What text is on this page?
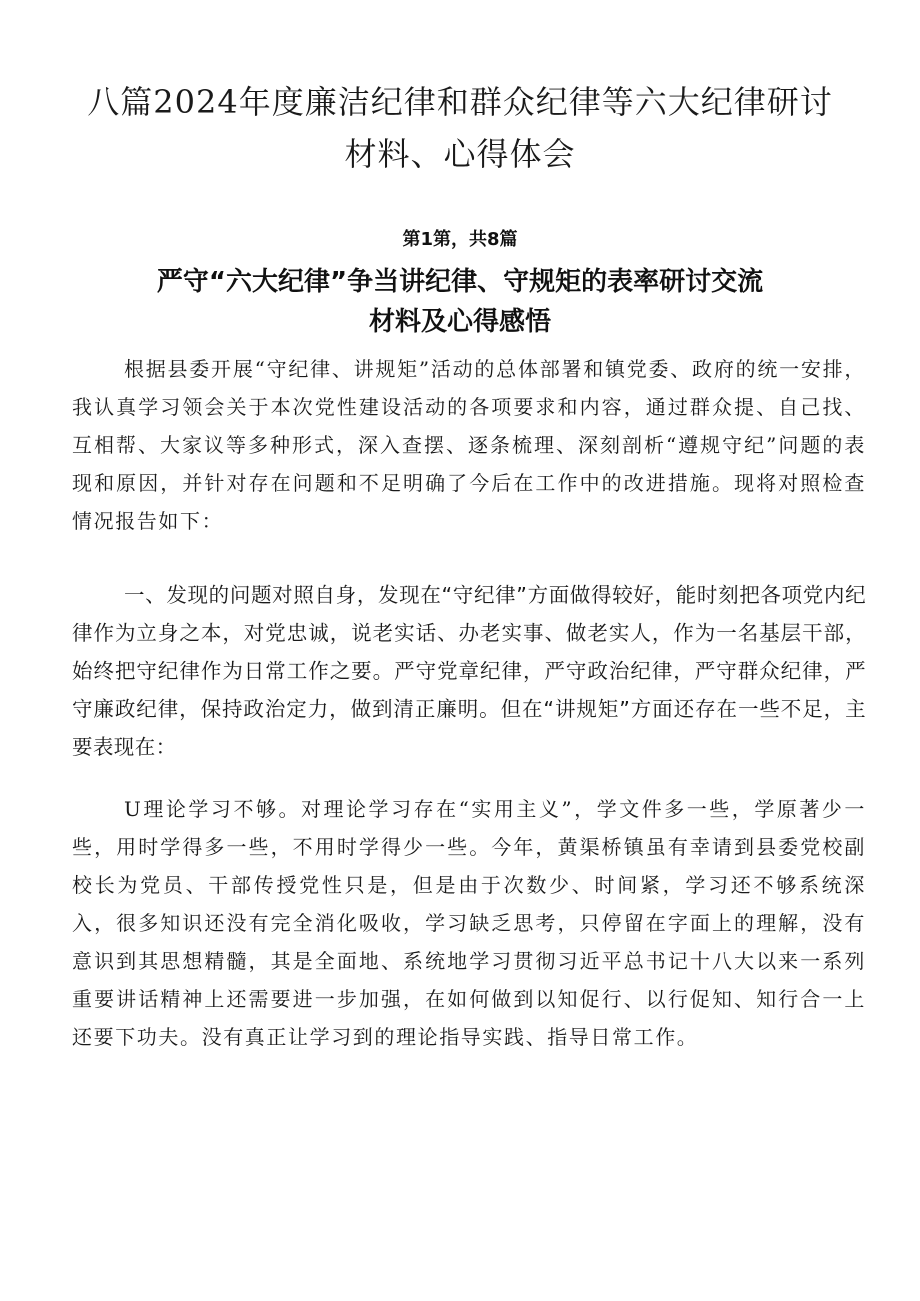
八篇2024年度廉洁纪律和群众纪律等六大纪律研讨
材料、心得体会
第1第，共8篇
严守“六大纪律”争当讲纪律、守规矩的表率研讨交流
材料及心得感悟

根据县委开展“守纪律、讲规矩”活动的总体部署和镇党委、政府的统一安排，我认真学习领会关于本次党性建设活动的各项要求和内容，通过群众提、自己找、互相帮、大家议等多种形式，深入查摆、逐条梳理、深刻剖析“遵规守纪”问题的表现和原因，并针对存在问题和不足明确了今后在工作中的改进措施。现将对照检查情况报告如下：

一、发现的问题对照自身，发现在“守纪律”方面做得较好，能时刻把各项党内纪律作为立身之本，对党忠诚，说老实话、办老实事、做老实人，作为一名基层干部，始终把守纪律作为日常工作之要。严守党章纪律，严守政治纪律，严守群众纪律，严守廉政纪律，保持政治定力，做到清正廉明。但在“讲规矩”方面还存在一些不足，主要表现在：

U理论学习不够。对理论学习存在“实用主义”，学文件多一些，学原著少一些，用时学得多一些，不用时学得少一些。今年，黄渠桥镇虽有幸请到县委党校副校长为党员、干部传授党性只是，但是由于次数少、时间紧，学习还不够系统深入，很多知识还没有完全消化吸收，学习缺乏思考，只停留在字面上的理解，没有意识到其思想精髓，其是全面地、系统地学习贯彻习近平总书记十八大以来一系列重要讲话精神上还需要进一步加强，在如何做到以知促行、以行促知、知行合一上还要下功夫。没有真正让学习到的理论指导实践、指导日常工作。
